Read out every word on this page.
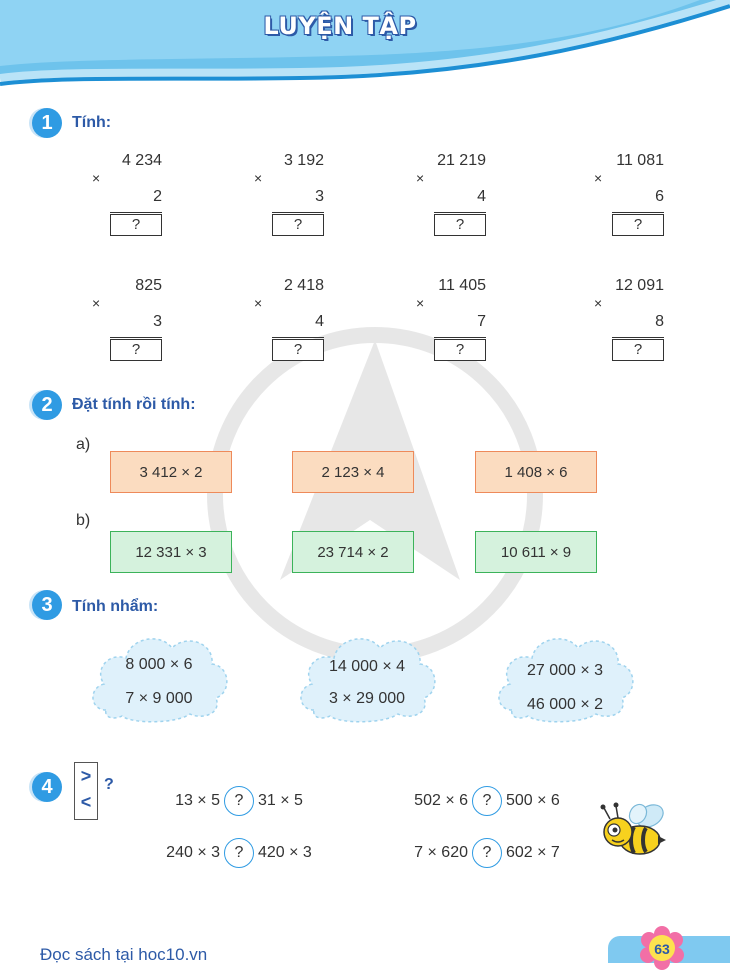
LUYỆN TẬP
1	Tính:
4 234
×
2
?
3 192
×
3
?
21 219
×
4
?
11 081
×
6
?
825
×
3
?
2 418
×
4
?
11 405
×
7
?
12 091
×
8
?
2	Đặt tính rồi tính:
a)
3 412 × 2	2 123 × 4	1 408 × 6
b)
12 331 × 3	23 714 × 2	10 611 × 9
3	Tính nhẩm:
8 000 × 6
7 × 9 000
14 000 × 4
3 × 29 000
27 000 × 3
46 000 × 2
4	>
<
?
13 × 5 ? 31 × 5	502 × 6 ? 500 × 6
240 × 3 ? 420 × 3	7 × 620 ? 602 × 7
Đọc sách tại hoc10.vn	63
